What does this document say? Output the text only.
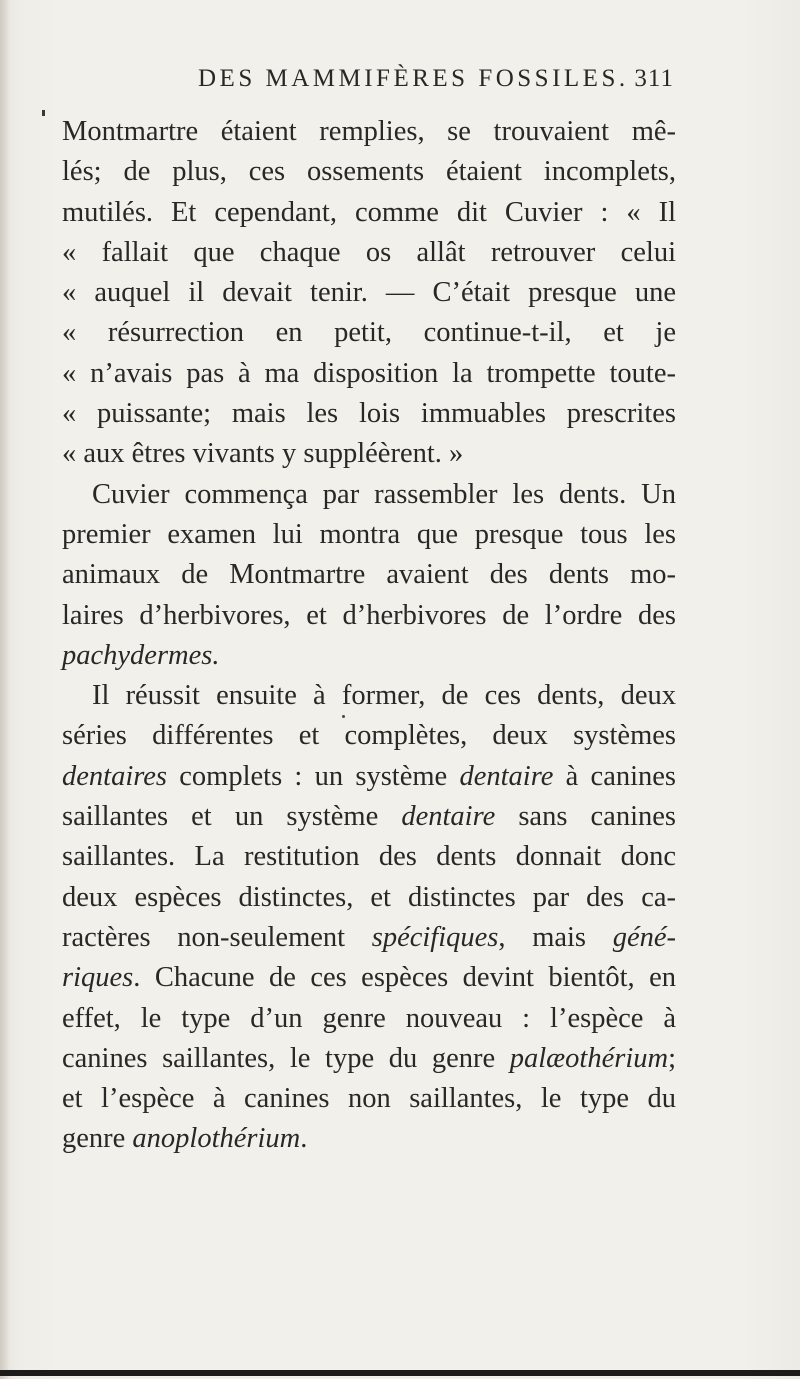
DES MAMMIFÈRES FOSSILES. 311
Montmartre étaient remplies, se trouvaient mê-
lés; de plus, ces ossements étaient incomplets,
mutilés. Et cependant, comme dit Cuvier : « Il
« fallait que chaque os allât retrouver celui
« auquel il devait tenir. — C’était presque une
« résurrection en petit, continue-t-il, et je
« n’avais pas à ma disposition la trompette toute-
« puissante; mais les lois immuables prescrites
« aux êtres vivants y suppléèrent. »
Cuvier commença par rassembler les dents. Un
premier examen lui montra que presque tous les
animaux de Montmartre avaient des dents mo-
laires d’herbivores, et d’herbivores de l’ordre des
pachydermes.
Il réussit ensuite à former, de ces dents, deux
séries différentes et complètes, deux systèmes
dentaires complets : un système dentaire à canines
saillantes et un système dentaire sans canines
saillantes. La restitution des dents donnait donc
deux espèces distinctes, et distinctes par des ca-
ractères non-seulement spécifiques, mais géné-
riques. Chacune de ces espèces devint bientôt, en
effet, le type d’un genre nouveau : l’espèce à
canines saillantes, le type du genre palæothérium;
et l’espèce à canines non saillantes, le type du
genre anoplothérium.
